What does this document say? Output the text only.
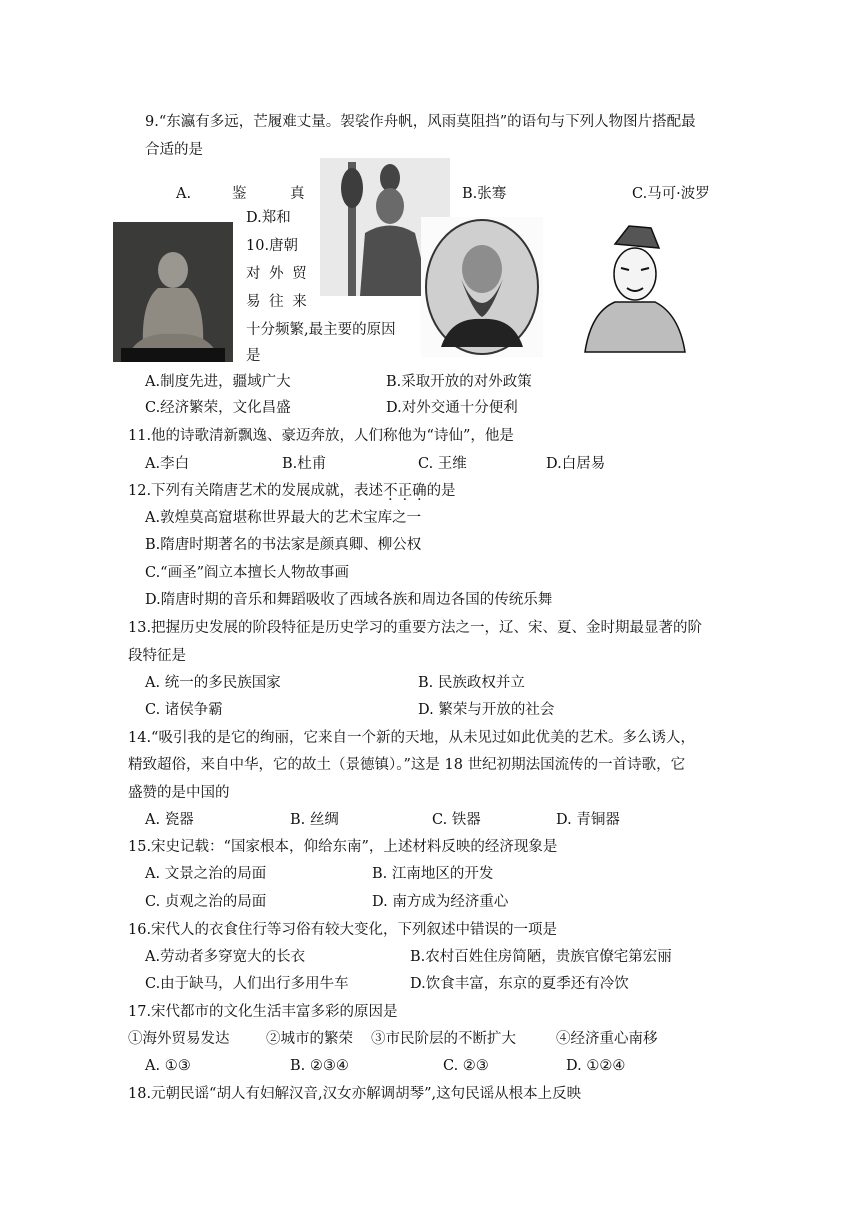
9.“东瀛有多远，芒履难丈量。袈裟作舟帆，风雨莫阻挡”的语句与下列人物图片搭配最
合适的是
A.	鉴	真	B.张骞	C.马可·波罗
D.郑和
10.唐朝
对 外 贸
易 往 来
十分频繁,最主要的原因
是
A.制度先进，疆域广大	B.采取开放的对外政策
C.经济繁荣，文化昌盛	D.对外交通十分便利
11.他的诗歌清新飘逸、豪迈奔放，人们称他为“诗仙”，他是
A.李白	B.杜甫	C. 王维	D.白居易
12.下列有关隋唐艺术的发展成就，表述不正确的是
A.敦煌莫高窟堪称世界最大的艺术宝库之一
B.隋唐时期著名的书法家是颜真卿、柳公权
C.“画圣”阎立本擅长人物故事画
D.隋唐时期的音乐和舞蹈吸收了西域各族和周边各国的传统乐舞
13.把握历史发展的阶段特征是历史学习的重要方法之一，辽、宋、夏、金时期最显著的阶
段特征是
A. 统一的多民族国家	B. 民族政权并立
C. 诸侯争霸	D. 繁荣与开放的社会
14.“吸引我的是它的绚丽，它来自一个新的天地，从未见过如此优美的艺术。多么诱人，
精致超俗，来自中华，它的故土（景德镇）。”这是 18 世纪初期法国流传的一首诗歌，它
盛赞的是中国的
A. 瓷器	B. 丝绸	C. 铁器	D. 青铜器
15.宋史记载：“国家根本，仰给东南”，上述材料反映的经济现象是
A. 文景之治的局面	B. 江南地区的开发
C. 贞观之治的局面	D. 南方成为经济重心
16.宋代人的衣食住行等习俗有较大变化，下列叙述中错误的一项是
A.劳动者多穿宽大的长衣	B.农村百姓住房简陋，贵族官僚宅第宏丽
C.由于缺马，人们出行多用牛车	D.饮食丰富，东京的夏季还有冷饮
17.宋代都市的文化生活丰富多彩的原因是
①海外贸易发达	②城市的繁荣 ③市民阶层的不断扩大	④经济重心南移
A. ①③	B. ②③④	C. ②③	D. ①②④
18.元朝民谣“胡人有妇解汉音,汉女亦解调胡琴”,这句民谣从根本上反映
